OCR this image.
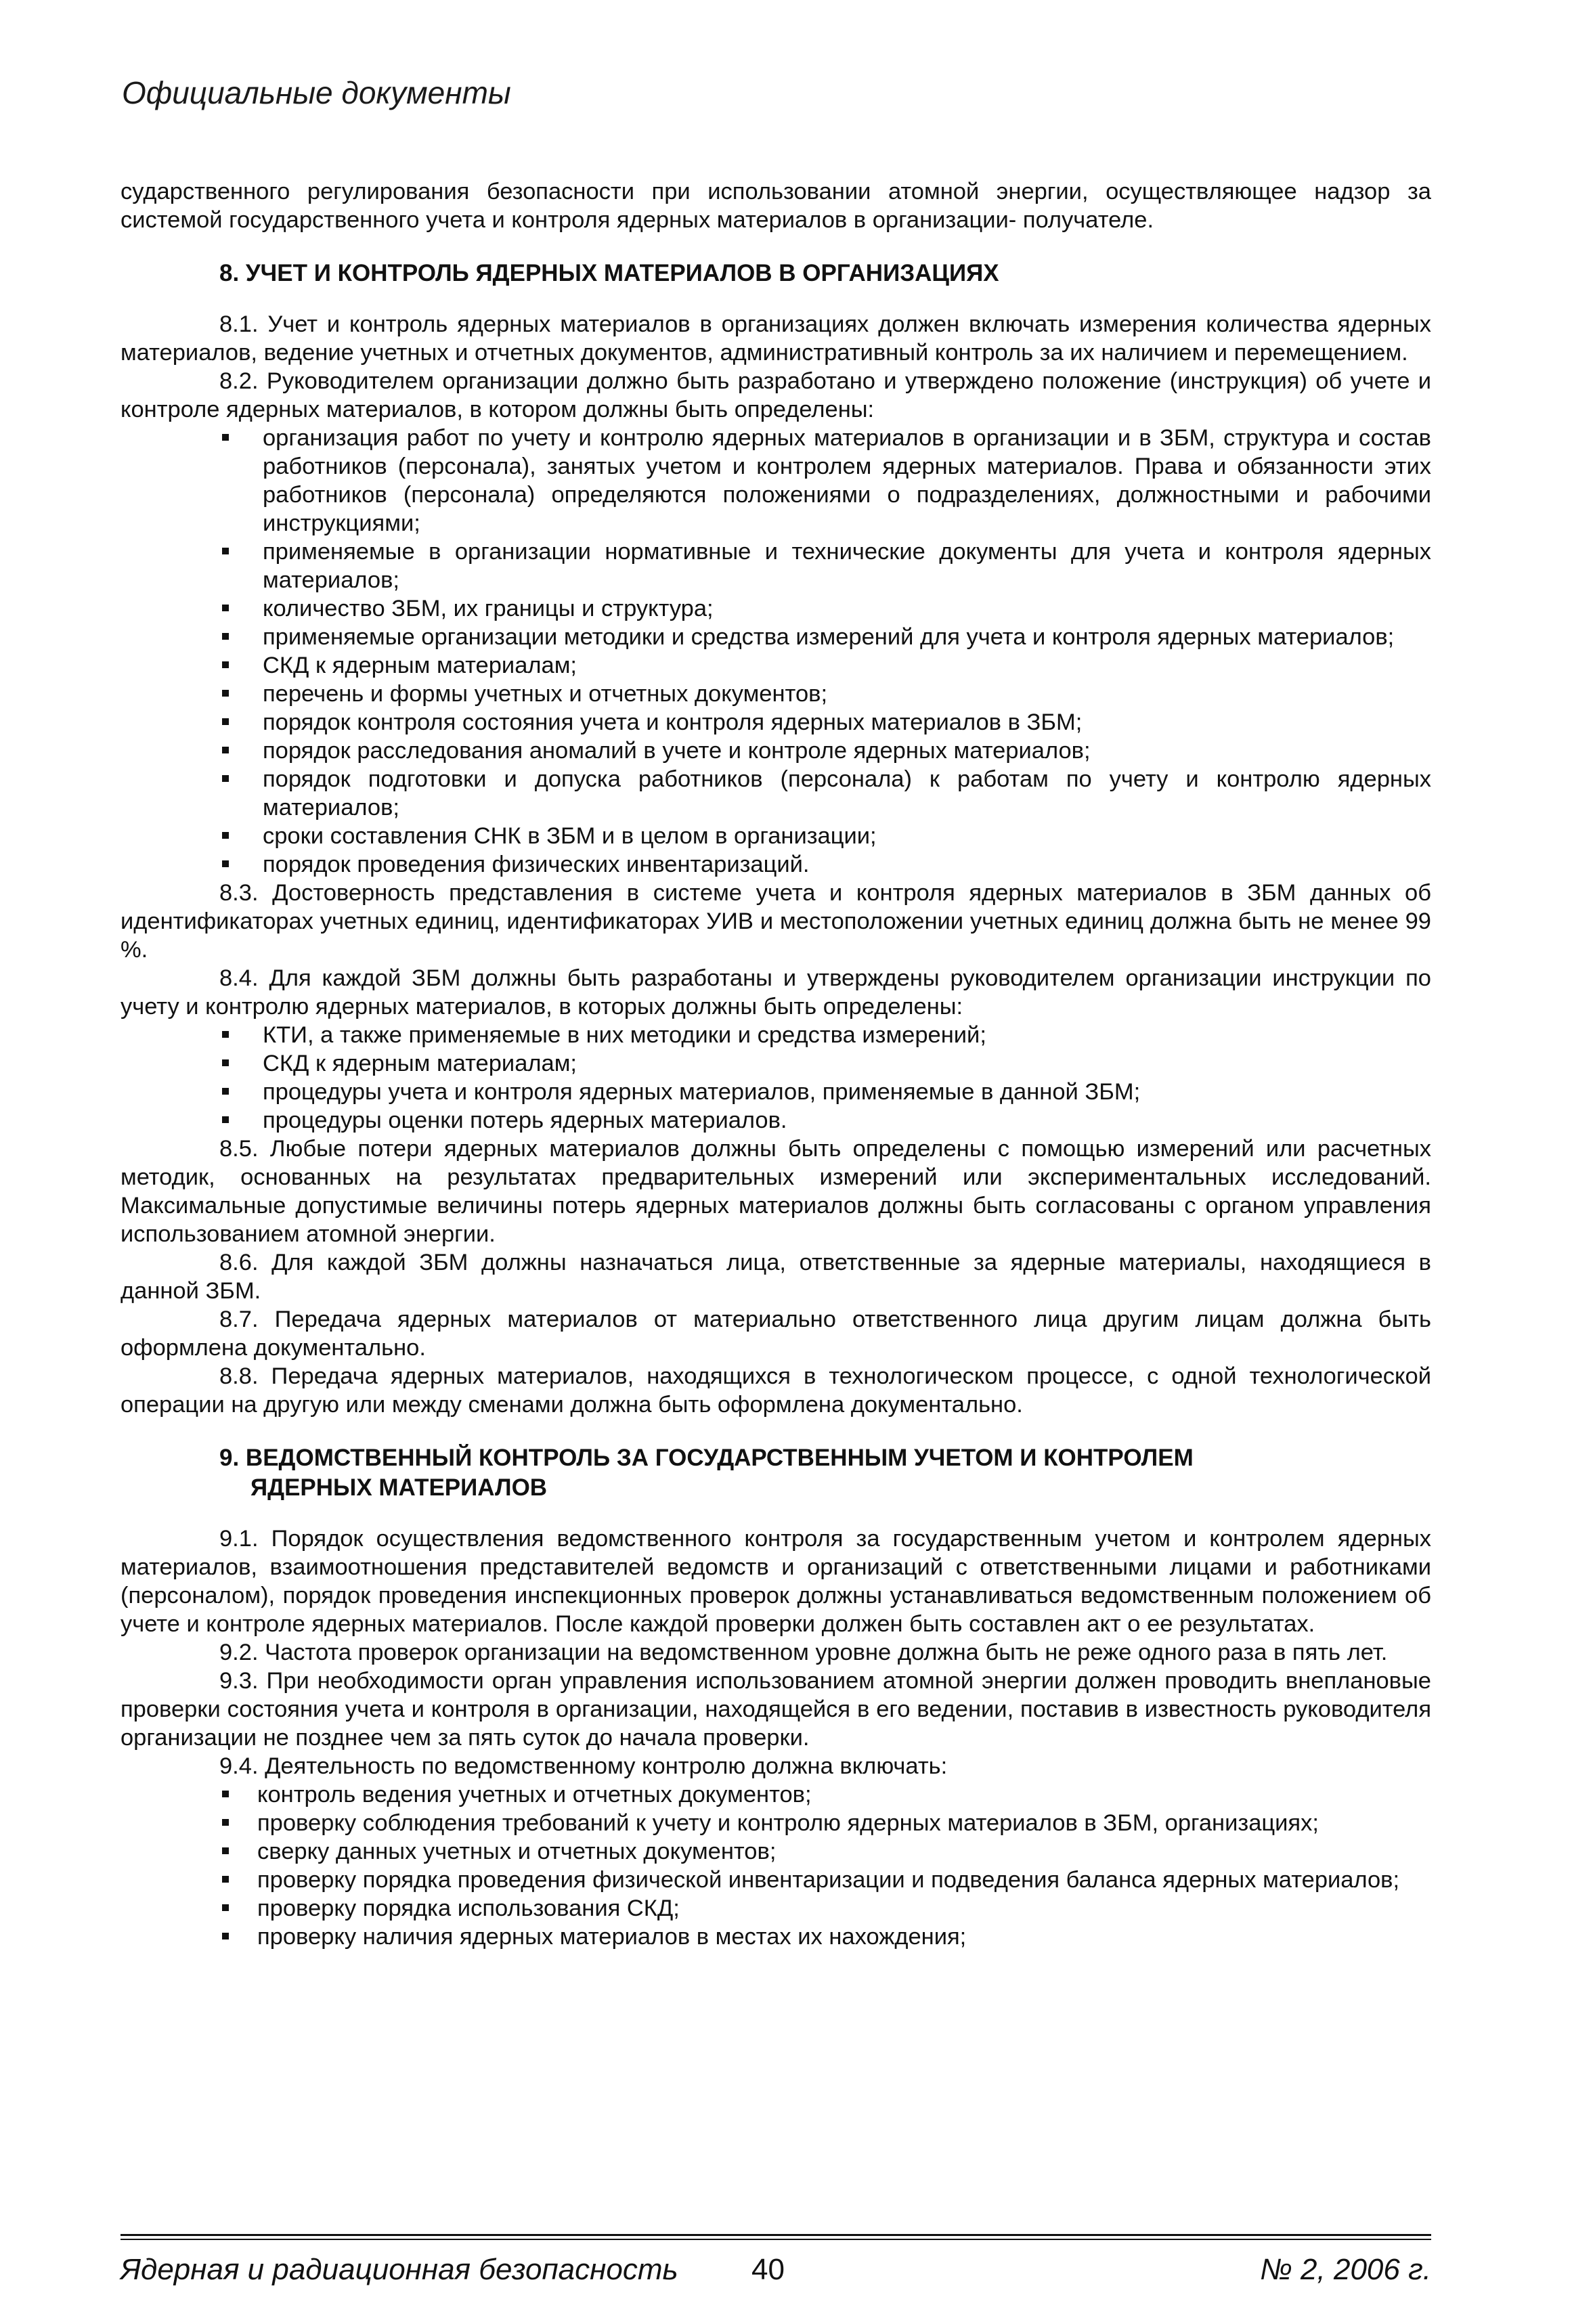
Официальные документы

сударственного регулирования безопасности при использовании атомной энергии, осуществляющее надзор за системой государственного учета и контроля ядерных материалов в организации- получателе.

8. УЧЕТ И КОНТРОЛЬ ЯДЕРНЫХ МАТЕРИАЛОВ В ОРГАНИЗАЦИЯХ

8.1. Учет и контроль ядерных материалов в организациях должен включать измерения количества ядерных материалов, ведение учетных и отчетных документов, административный контроль за их наличием и перемещением.

8.2. Руководителем организации должно быть разработано и утверждено положение (инструкция) об учете и контроле ядерных материалов, в котором должны быть определены:

организация работ по учету и контролю ядерных материалов в организации и в ЗБМ, структура и состав работников (персонала), занятых учетом и контролем ядерных материалов. Права и обязанности этих работников (персонала) определяются положениями о подразделениях, должностными и рабочими инструкциями;
применяемые в организации нормативные и технические документы для учета и контроля ядерных материалов;
количество ЗБМ, их границы и структура;
применяемые организации методики и средства измерений для учета и контроля ядерных материалов;
СКД к ядерным материалам;
перечень и формы учетных и отчетных документов;
порядок контроля состояния учета и контроля ядерных материалов в ЗБМ;
порядок расследования аномалий в учете и контроле ядерных материалов;
порядок подготовки и допуска работников (персонала) к работам по учету и контролю ядерных материалов;
сроки составления СНК в ЗБМ и в целом в организации;
порядок проведения физических инвентаризаций.

8.3. Достоверность представления в системе учета и контроля ядерных материалов в ЗБМ данных об идентификаторах учетных единиц, идентификаторах УИВ и местоположении учетных единиц должна быть не менее 99 %.

8.4. Для каждой ЗБМ должны быть разработаны и утверждены руководителем организации инструкции по учету и контролю ядерных материалов, в которых должны быть определены:

КТИ, а также применяемые в них методики и средства измерений;
СКД к ядерным материалам;
процедуры учета и контроля ядерных материалов, применяемые в данной ЗБМ;
процедуры оценки потерь ядерных материалов.

8.5. Любые потери ядерных материалов должны быть определены с помощью измерений или расчетных методик, основанных на результатах предварительных измерений или экспериментальных исследований. Максимальные допустимые величины потерь ядерных материалов должны быть согласованы с органом управления использованием атомной энергии.

8.6. Для каждой ЗБМ должны назначаться лица, ответственные за ядерные материалы, находящиеся в данной ЗБМ.

8.7. Передача ядерных материалов от материально ответственного лица другим лицам должна быть оформлена документально.

8.8. Передача ядерных материалов, находящихся в технологическом процессе, с одной технологической операции на другую или между сменами должна быть оформлена документально.

9. ВЕДОМСТВЕННЫЙ КОНТРОЛЬ ЗА ГОСУДАРСТВЕННЫМ УЧЕТОМ И КОНТРОЛЕМ
ЯДЕРНЫХ МАТЕРИАЛОВ

9.1. Порядок осуществления ведомственного контроля за государственным учетом и контролем ядерных материалов, взаимоотношения представителей ведомств и организаций с ответственными лицами и работниками (персоналом), порядок проведения инспекционных проверок должны устанавливаться ведомственным положением об учете и контроле ядерных материалов. После каждой проверки должен быть составлен акт о ее результатах.

9.2. Частота проверок организации на ведомственном уровне должна быть не реже одного раза в пять лет.

9.3. При необходимости орган управления использованием атомной энергии должен проводить внеплановые проверки состояния учета и контроля в организации, находящейся в его ведении, поставив в известность руководителя организации не позднее чем за пять суток до начала проверки.

9.4. Деятельность по ведомственному контролю должна включать:

контроль ведения учетных и отчетных документов;
проверку соблюдения требований к учету и контролю ядерных материалов в ЗБМ, организациях;
сверку данных учетных и отчетных документов;
проверку порядка проведения физической инвентаризации и подведения баланса ядерных материалов;
проверку порядка использования СКД;
проверку наличия ядерных материалов в местах их нахождения;
Ядерная и радиационная безопасность 40	№ 2, 2006 г.
